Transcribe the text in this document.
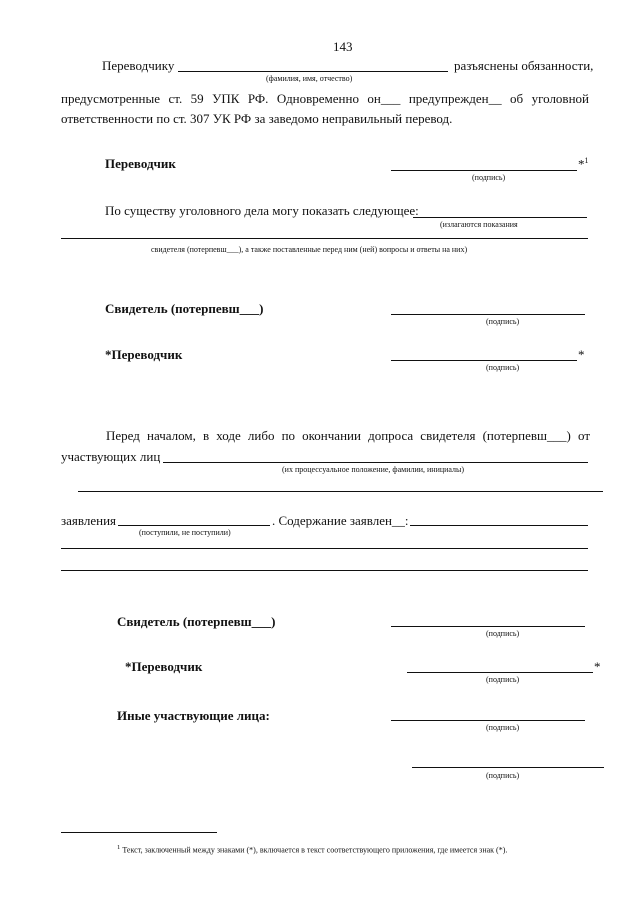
143
Переводчику	разъяснены обязанности,
(фамилия, имя, отчество)
предусмотренные ст. 59 УПК РФ. Одновременно он___ предупрежден__ об уголовной
ответственности по ст. 307 УК РФ за заведомо неправильный перевод.
Переводчик	*$^1$
(подпись)
По существу уголовного дела могу показать следующее:
(излагаются показания
свидетеля (потерпевш___), а также поставленные перед ним (ней) вопросы и ответы на них)
Свидетель (потерпевш___)
(подпись)
*Переводчик	*
(подпись)
Перед началом, в ходе либо по окончании допроса свидетеля (потерпевш___) от
участвующих лиц
(их процессуальное положение, фамилии, инициалы)
заявления	. Содержание заявлен__:
(поступили, не поступили)
Свидетель (потерпевш___)
(подпись)
*Переводчик	*
(подпись)
Иные участвующие лица:
(подпись)
(подпись)
$^1$ Текст, заключенный между знаками (*), включается в текст соответствующего приложения, где имеется знак (*).
